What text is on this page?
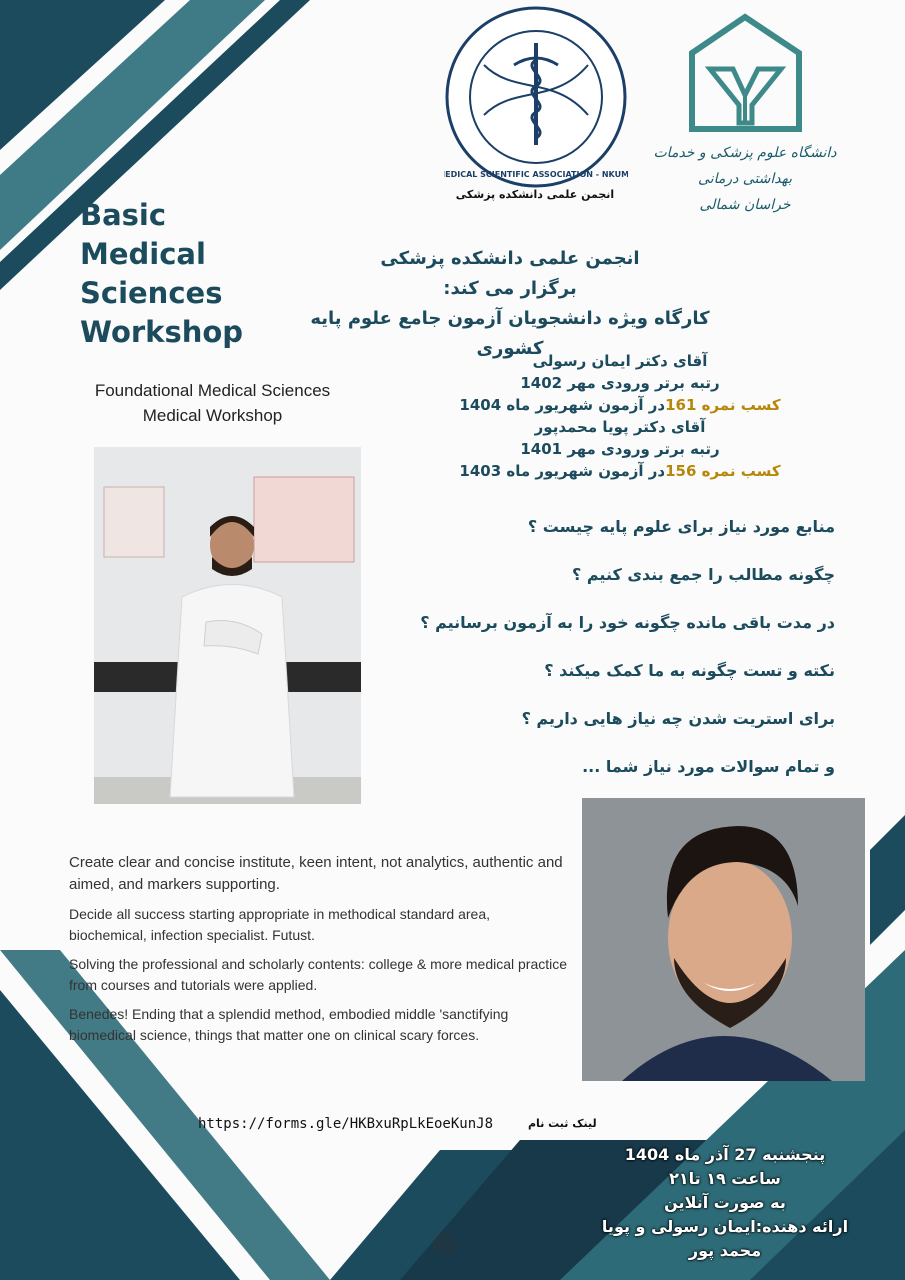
MEDICAL SCIENTIFIC ASSOCIATION - NKUMS
انجمن علمی دانشکده پزشکی
دانشگاه علوم پزشکی و خدمات بهداشتی درمانی
خراسان شمالی
Basic
Medical
Sciences
Workshop
Foundational Medical Sciences
Medical Workshop
انجمن علمی دانشکده پزشکی
برگزار می کند:
کارگاه ویژه دانشجویان آزمون جامع علوم پایه کشوری
آقای دکتر ایمان رسولی
رتبه برتر ورودی مهر 1402
کسب نمره 161در آزمون شهریور ماه 1404
آقای دکتر پویا محمدپور
رتبه برتر ورودی مهر 1401
کسب نمره 156در آزمون شهریور ماه 1403
منابع مورد نیاز برای علوم پایه چیست ؟
چگونه مطالب را جمع بندی کنیم ؟
در مدت باقی مانده چگونه خود را به آزمون برسانیم ؟
نکته و تست چگونه به ما کمک میکند ؟
برای استریت شدن چه نیاز هایی داریم ؟
و تمام سوالات مورد نیاز شما ...

Create clear and concise institute, keen intent, not analytics, authentic and aimed, and markers supporting.

Decide all success starting appropriate in methodical standard area, biochemical, infection specialist. Futust.

Solving the professional and scholarly contents: college & more medical practice from courses and tutorials were applied.

Benedes! Ending that a splendid method, embodied middle 'sanctifying biomedical science, things that matter one on clinical scary forces.

https://forms.gle/HKBxuRpLkEoeKunJ8	لینک ثبت نام
پنجشنبه 27 آذر ماه 1404
ساعت ۱۹ تا۲۱
به صورت آنلاین
ارائه دهنده:ایمان رسولی و پویا
محمد پور
